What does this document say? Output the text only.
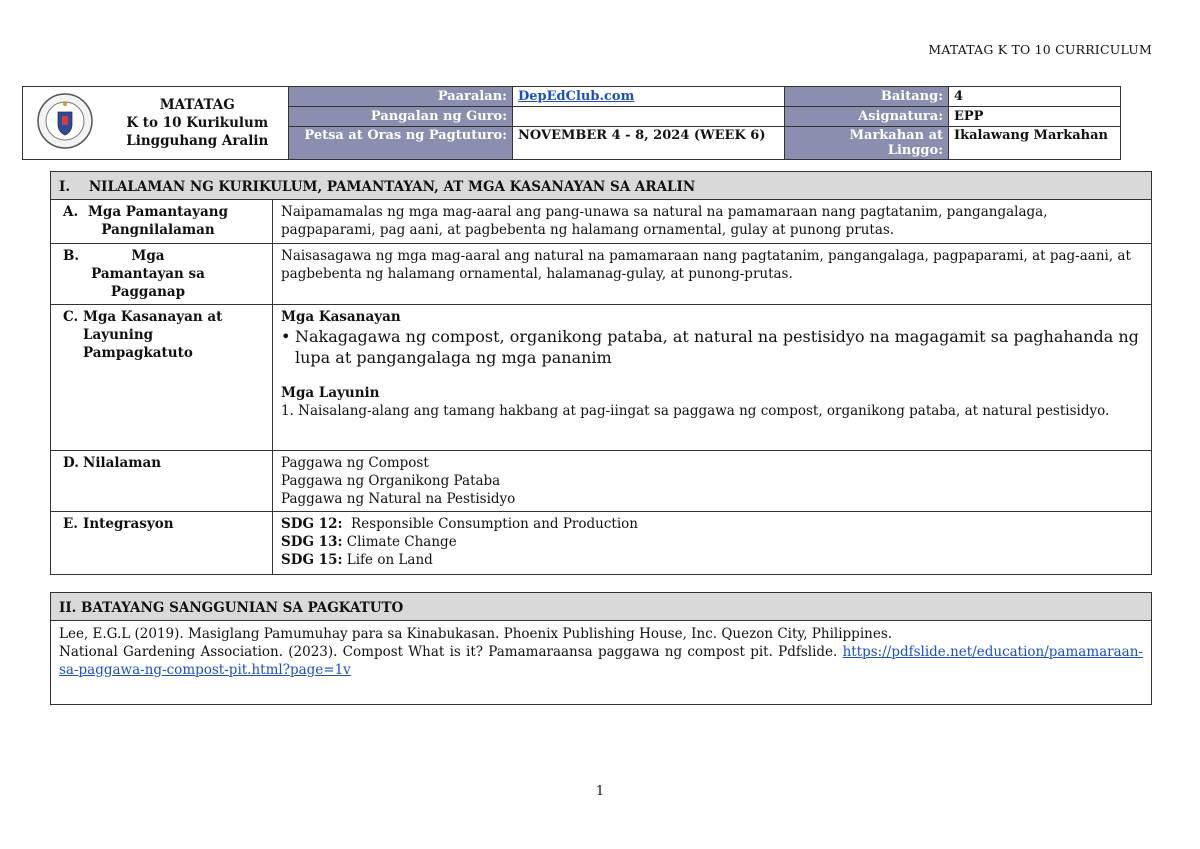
MATATAG K TO 10 CURRICULUM

MATATAG
K to 10 Kurikulum
Lingguhang Aralin	Paaralan:	DepEdClub.com	Baitang:	4
		Pangalan ng Guro:		Asignatura:	EPP
		Petsa at Oras ng Pagtuturo:	NOVEMBER 4 - 8, 2024 (WEEK 6)	Markahan at Linggo:	Ikalawang Markahan

I.    NILALAMAN NG KURIKULUM, PAMANTAYAN, AT MGA KASANAYAN SA ARALIN	
A. Mga Pamantayang Pangnilalaman	Naipamamalas ng mga mag-aaral ang pang-unawa sa natural na pamamaraan nang pagtatanim, pangangalaga, pagpaparami, pag aani, at pagbebenta ng halamang ornamental, gulay at punong prutas.
B. Mga Pamantayan sa Pagganap	Naisasagawa ng mga mag-aaral ang natural na pamamaraan nang pagtatanim, pangangalaga, pagpaparami, at pag-aani, at pagbebenta ng halamang ornamental, halamanag-gulay, at punong-prutas.
C. Mga Kasanayan at Layuning Pampagkatuto	Mga Kasanayan
• Nakagagawa ng compost, organikong pataba, at natural na pestisidyo na magagamit sa paghahanda ng lupa at pangangalaga ng mga pananim
Mga Layunin
1. Naisalang-alang ang tamang hakbang at pag-iingat sa paggawa ng compost, organikong pataba, at natural pestisidyo.

D. Nilalaman	Paggawa ng Compost
Paggawa ng Organikong Pataba
Paggawa ng Natural na Pestisidyo

E. Integrasyon	SDG 12:  Responsible Consumption and Production
SDG 13: Climate Change
SDG 15: Life on Land
II. BATAYANG SANGGUNIAN SA PAGKATUTO

Lee, E.G.L (2019). Masiglang Pamumuhay para sa Kinabukasan. Phoenix Publishing House, Inc. Quezon City, Philippines.
National Gardening Association. (2023). Compost What is it? Pamamaraansa paggawa ng compost pit. Pdfslide. https://pdfslide.net/education/pamamaraan-sa-paggawa-ng-compost-pit.html?page=1v
1
